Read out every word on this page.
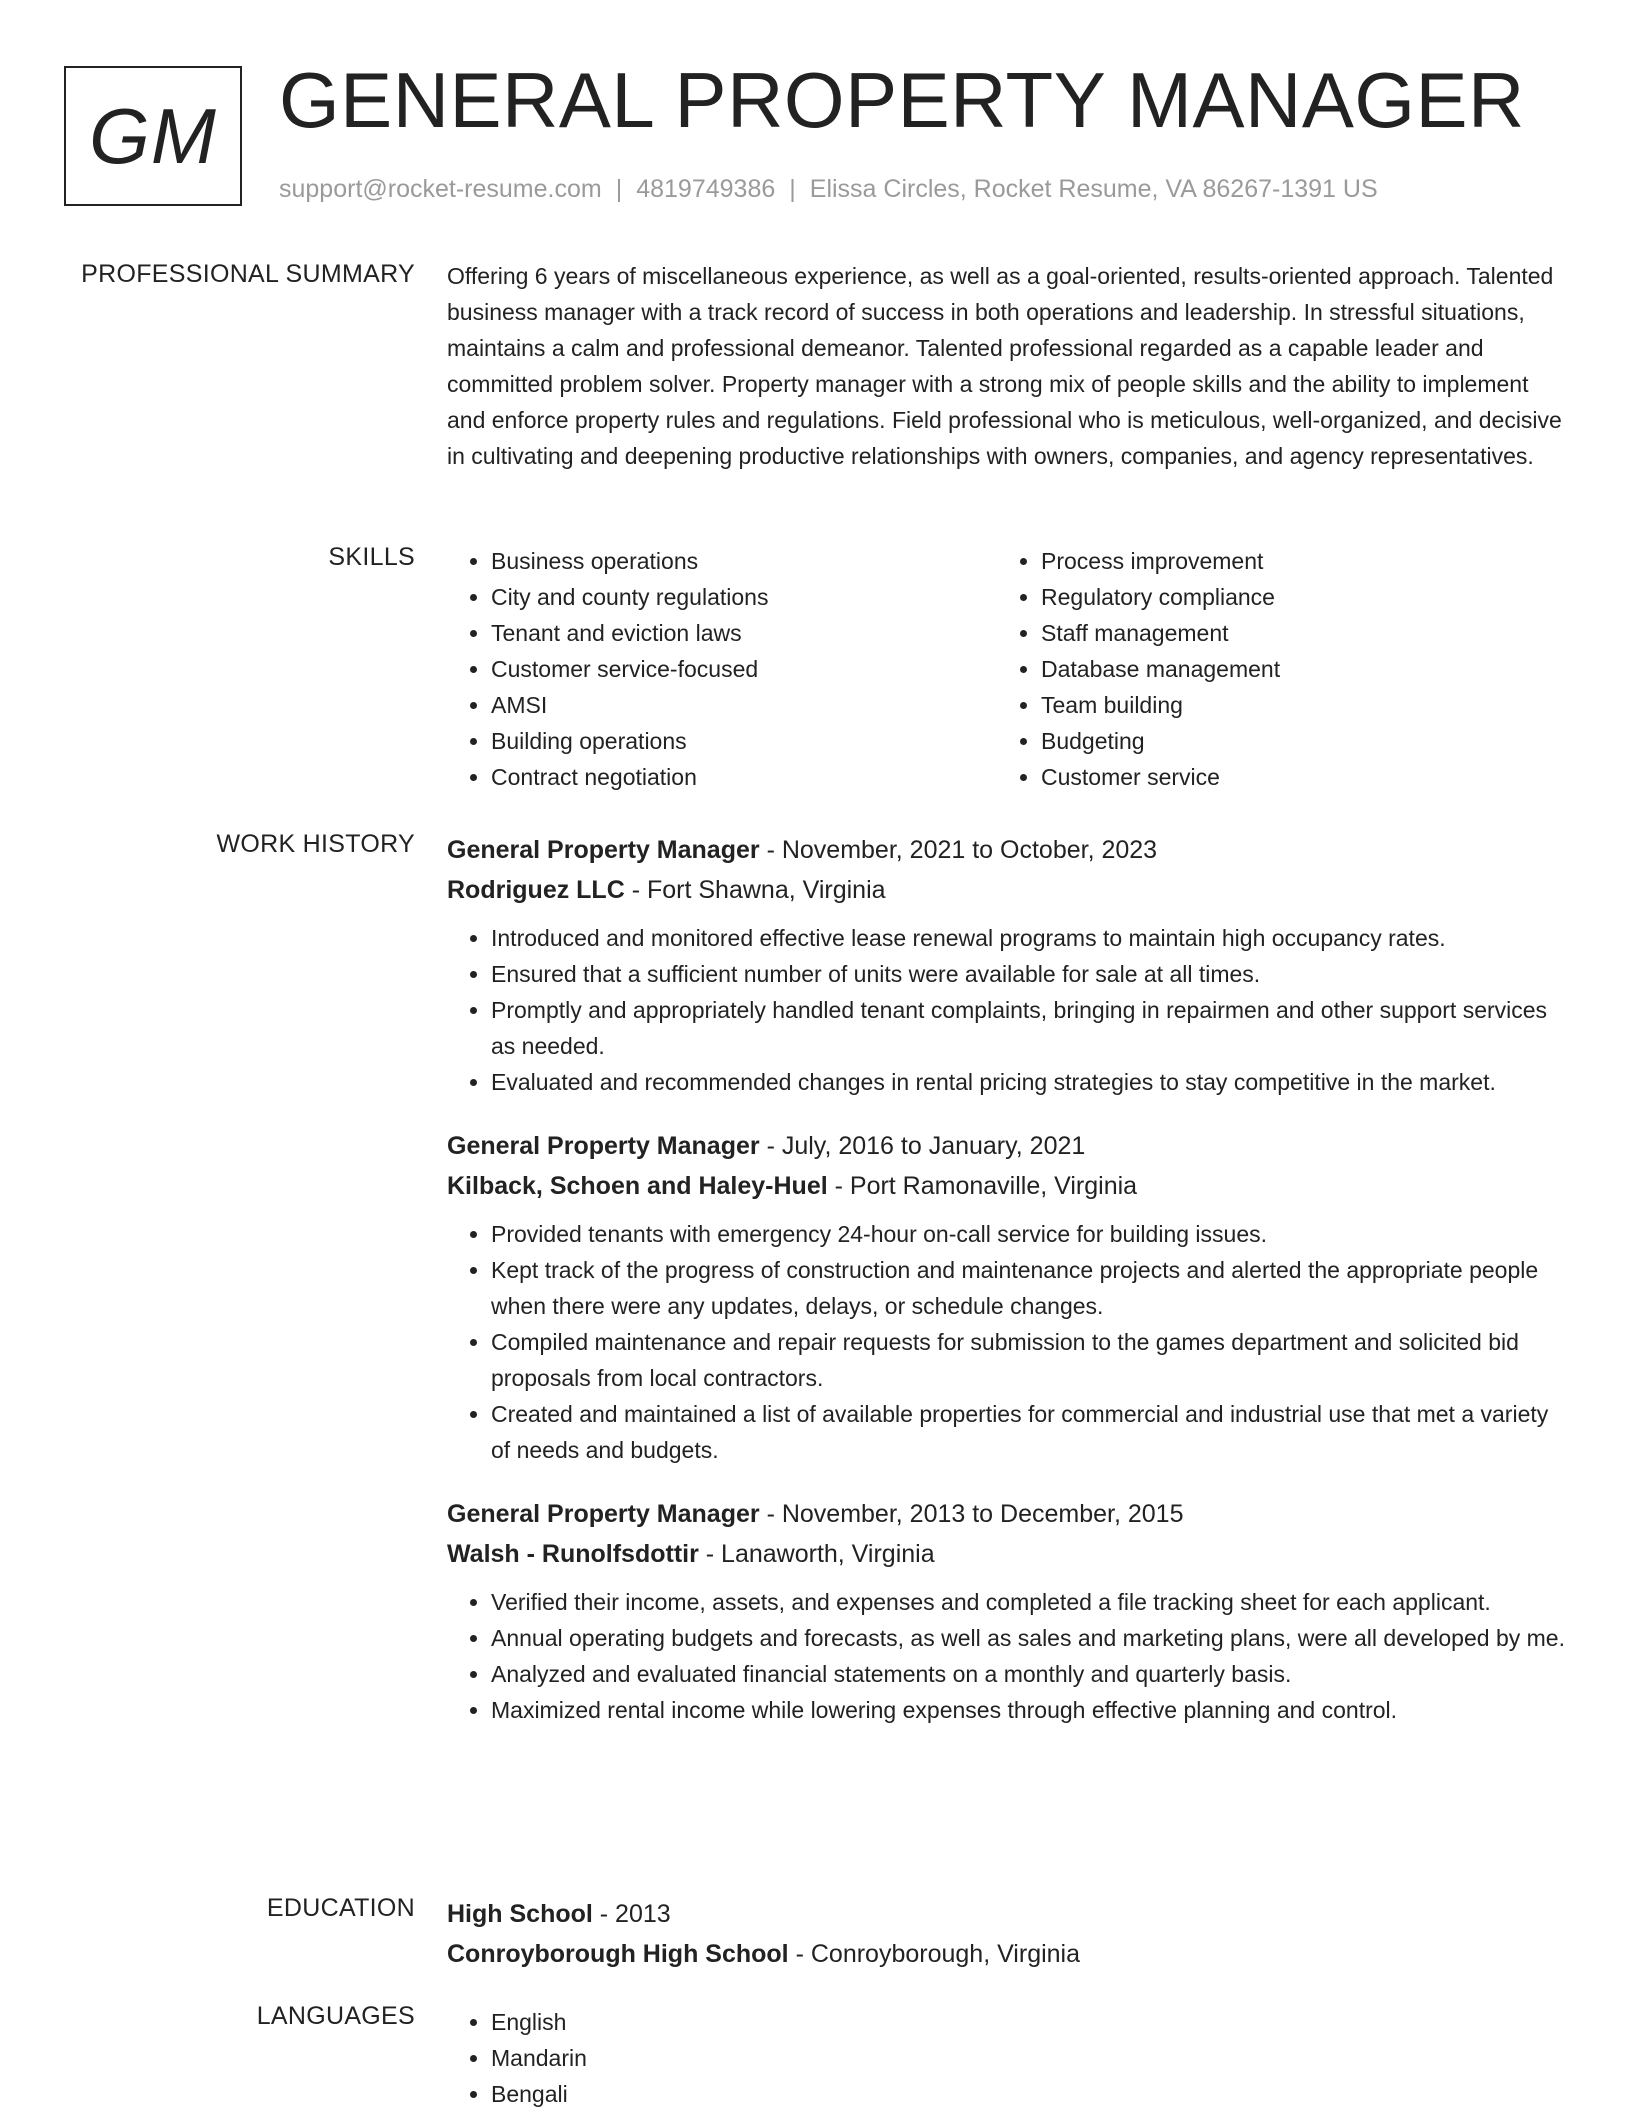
GM GENERAL PROPERTY MANAGER
support@rocket-resume.com | 4819749386 | Elissa Circles, Rocket Resume, VA 86267-1391 US
PROFESSIONAL SUMMARY Offering 6 years of miscellaneous experience, as well as a goal-oriented, results-oriented approach. Talented business manager with a track record of success in both operations and leadership. In stressful situations, maintains a calm and professional demeanor. Talented professional regarded as a capable leader and committed problem solver. Property manager with a strong mix of people skills and the ability to implement and enforce property rules and regulations. Field professional who is meticulous, well-organized, and decisive in cultivating and deepening productive relationships with owners, companies, and agency representatives.

SKILLS	• Business operations
• City and county regulations
• Tenant and eviction laws
• Customer service-focused
• AMSI
• Building operations
• Contract negotiation
• Process improvement
• Regulatory compliance
• Staff management
• Database management
• Team building
• Budgeting
• Customer service
WORK HISTORY General Property Manager - November, 2021 to October, 2023
Rodriguez LLC - Fort Shawna, Virginia
• Introduced and monitored effective lease renewal programs to maintain high occupancy rates.
• Ensured that a sufficient number of units were available for sale at all times.
• Promptly and appropriately handled tenant complaints, bringing in repairmen and other support services as needed.
• Evaluated and recommended changes in rental pricing strategies to stay competitive in the market.
General Property Manager - July, 2016 to January, 2021
Kilback, Schoen and Haley-Huel - Port Ramonaville, Virginia
• Provided tenants with emergency 24-hour on-call service for building issues.
• Kept track of the progress of construction and maintenance projects and alerted the appropriate people when there were any updates, delays, or schedule changes.
• Compiled maintenance and repair requests for submission to the games department and solicited bid proposals from local contractors.
• Created and maintained a list of available properties for commercial and industrial use that met a variety of needs and budgets.
General Property Manager - November, 2013 to December, 2015
Walsh - Runolfsdottir - Lanaworth, Virginia
• Verified their income, assets, and expenses and completed a file tracking sheet for each applicant.
• Annual operating budgets and forecasts, as well as sales and marketing plans, were all developed by me.
• Analyzed and evaluated financial statements on a monthly and quarterly basis.
• Maximized rental income while lowering expenses through effective planning and control.
EDUCATION High School - 2013
Conroyborough High School - Conroyborough, Virginia
LANGUAGES	• English
• Mandarin
• Bengali
